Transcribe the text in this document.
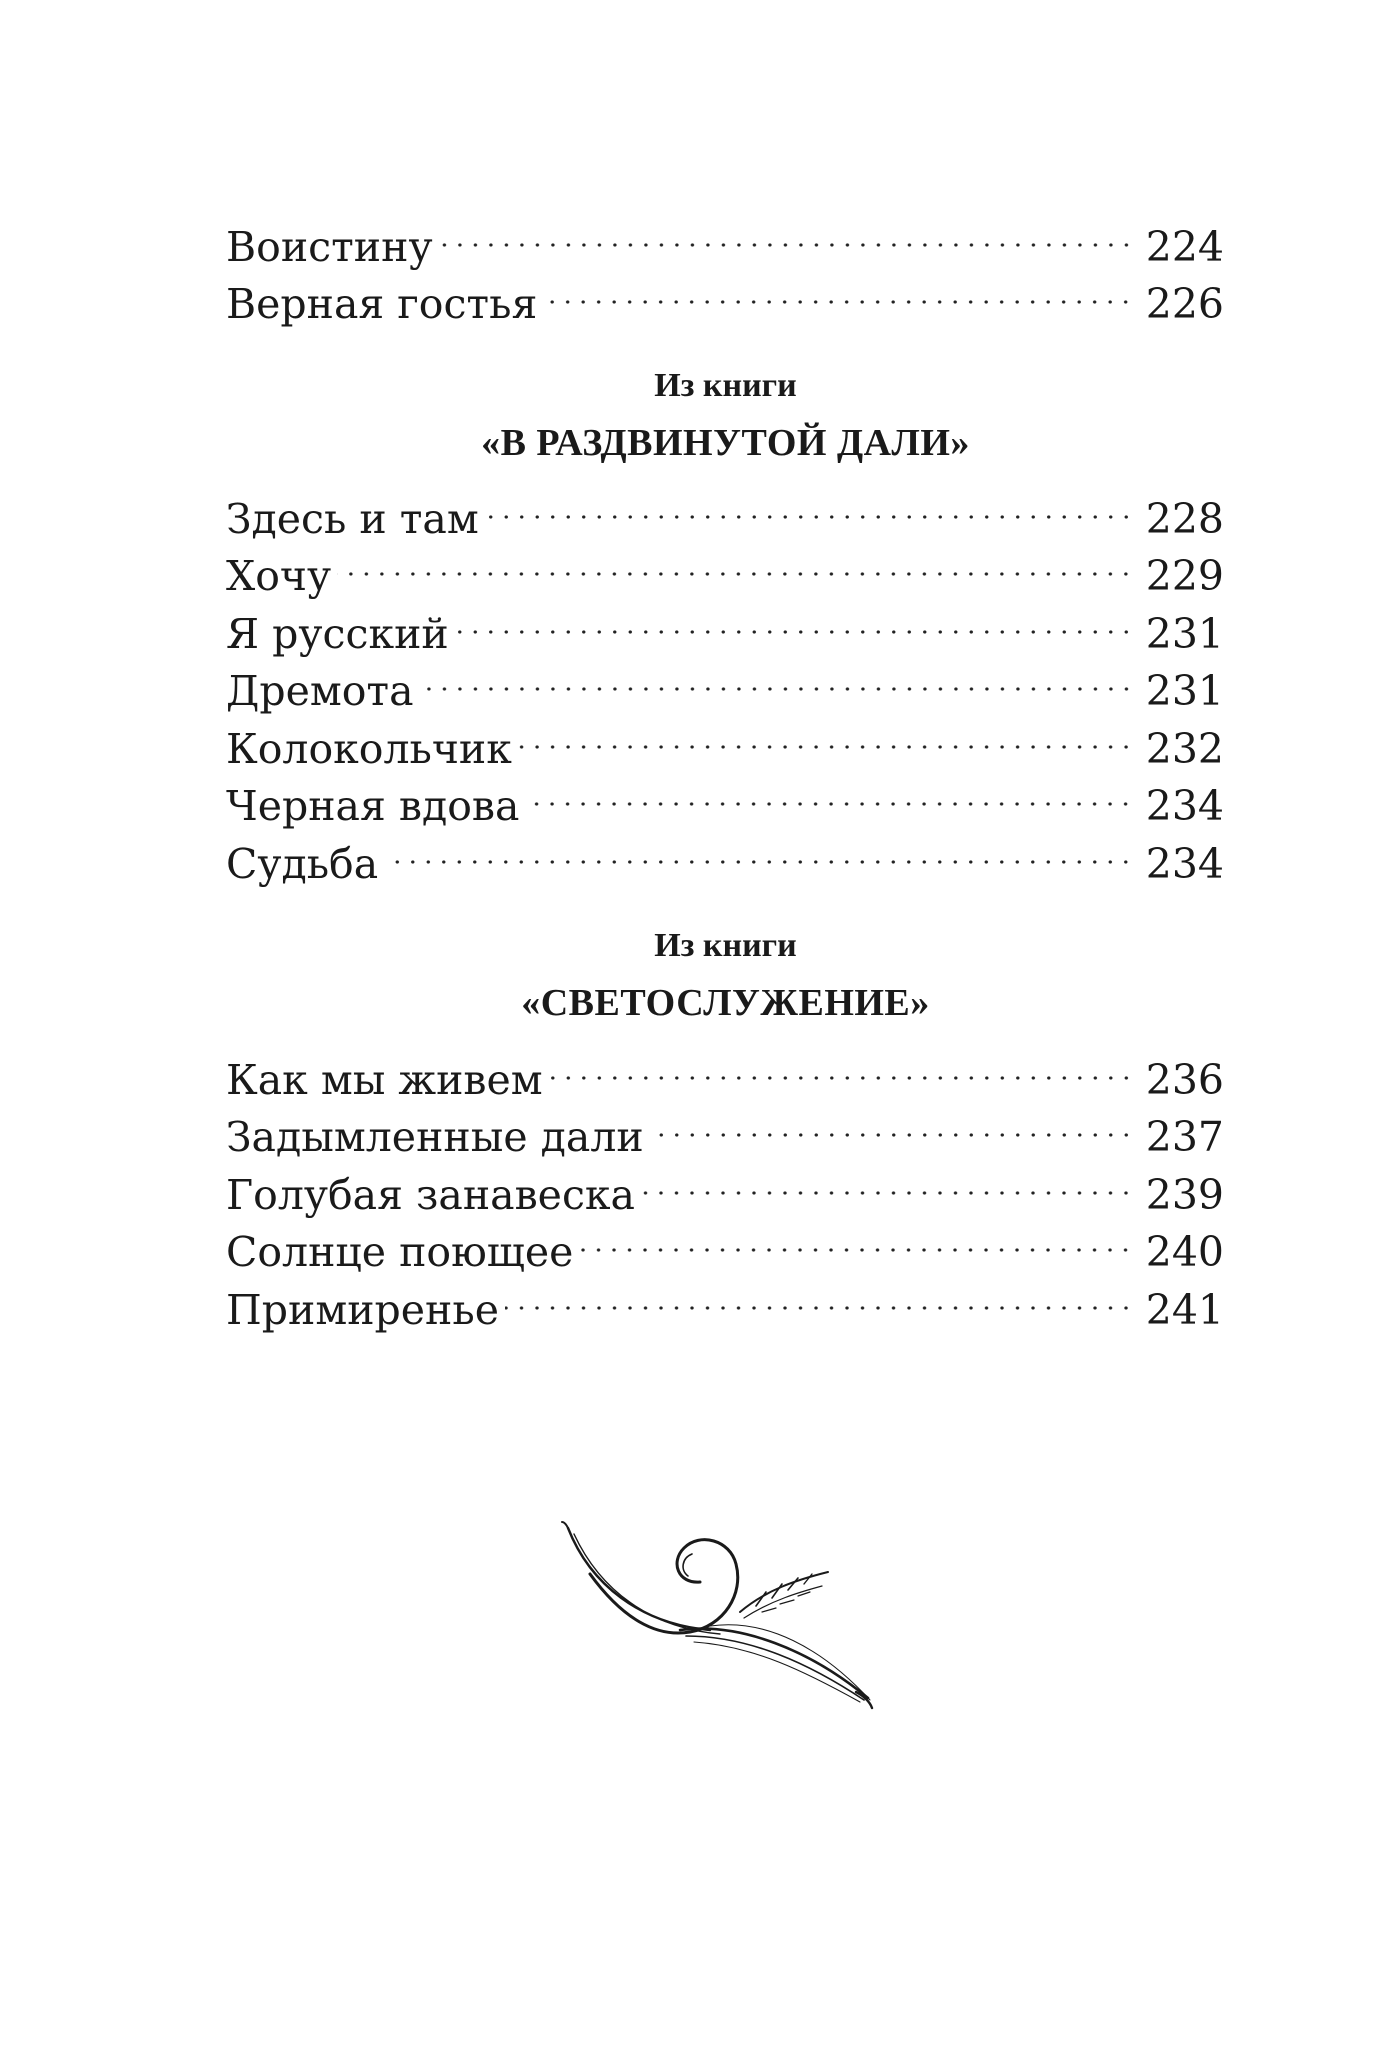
Воистину	224
Верная гостья	226
Из книги
«В РАЗДВИНУТОЙ ДАЛИ»
Здесь и там	228
Хочу	229
Я русский	231
Дремота	231
Колокольчик	232
Черная вдова	234
Судьба	234
Из книги
«СВЕТОСЛУЖЕНИЕ»
Как мы живем	236
Задымленные дали	237
Голубая занавеска	239
Солнце поющее	240
Примиренье	241
